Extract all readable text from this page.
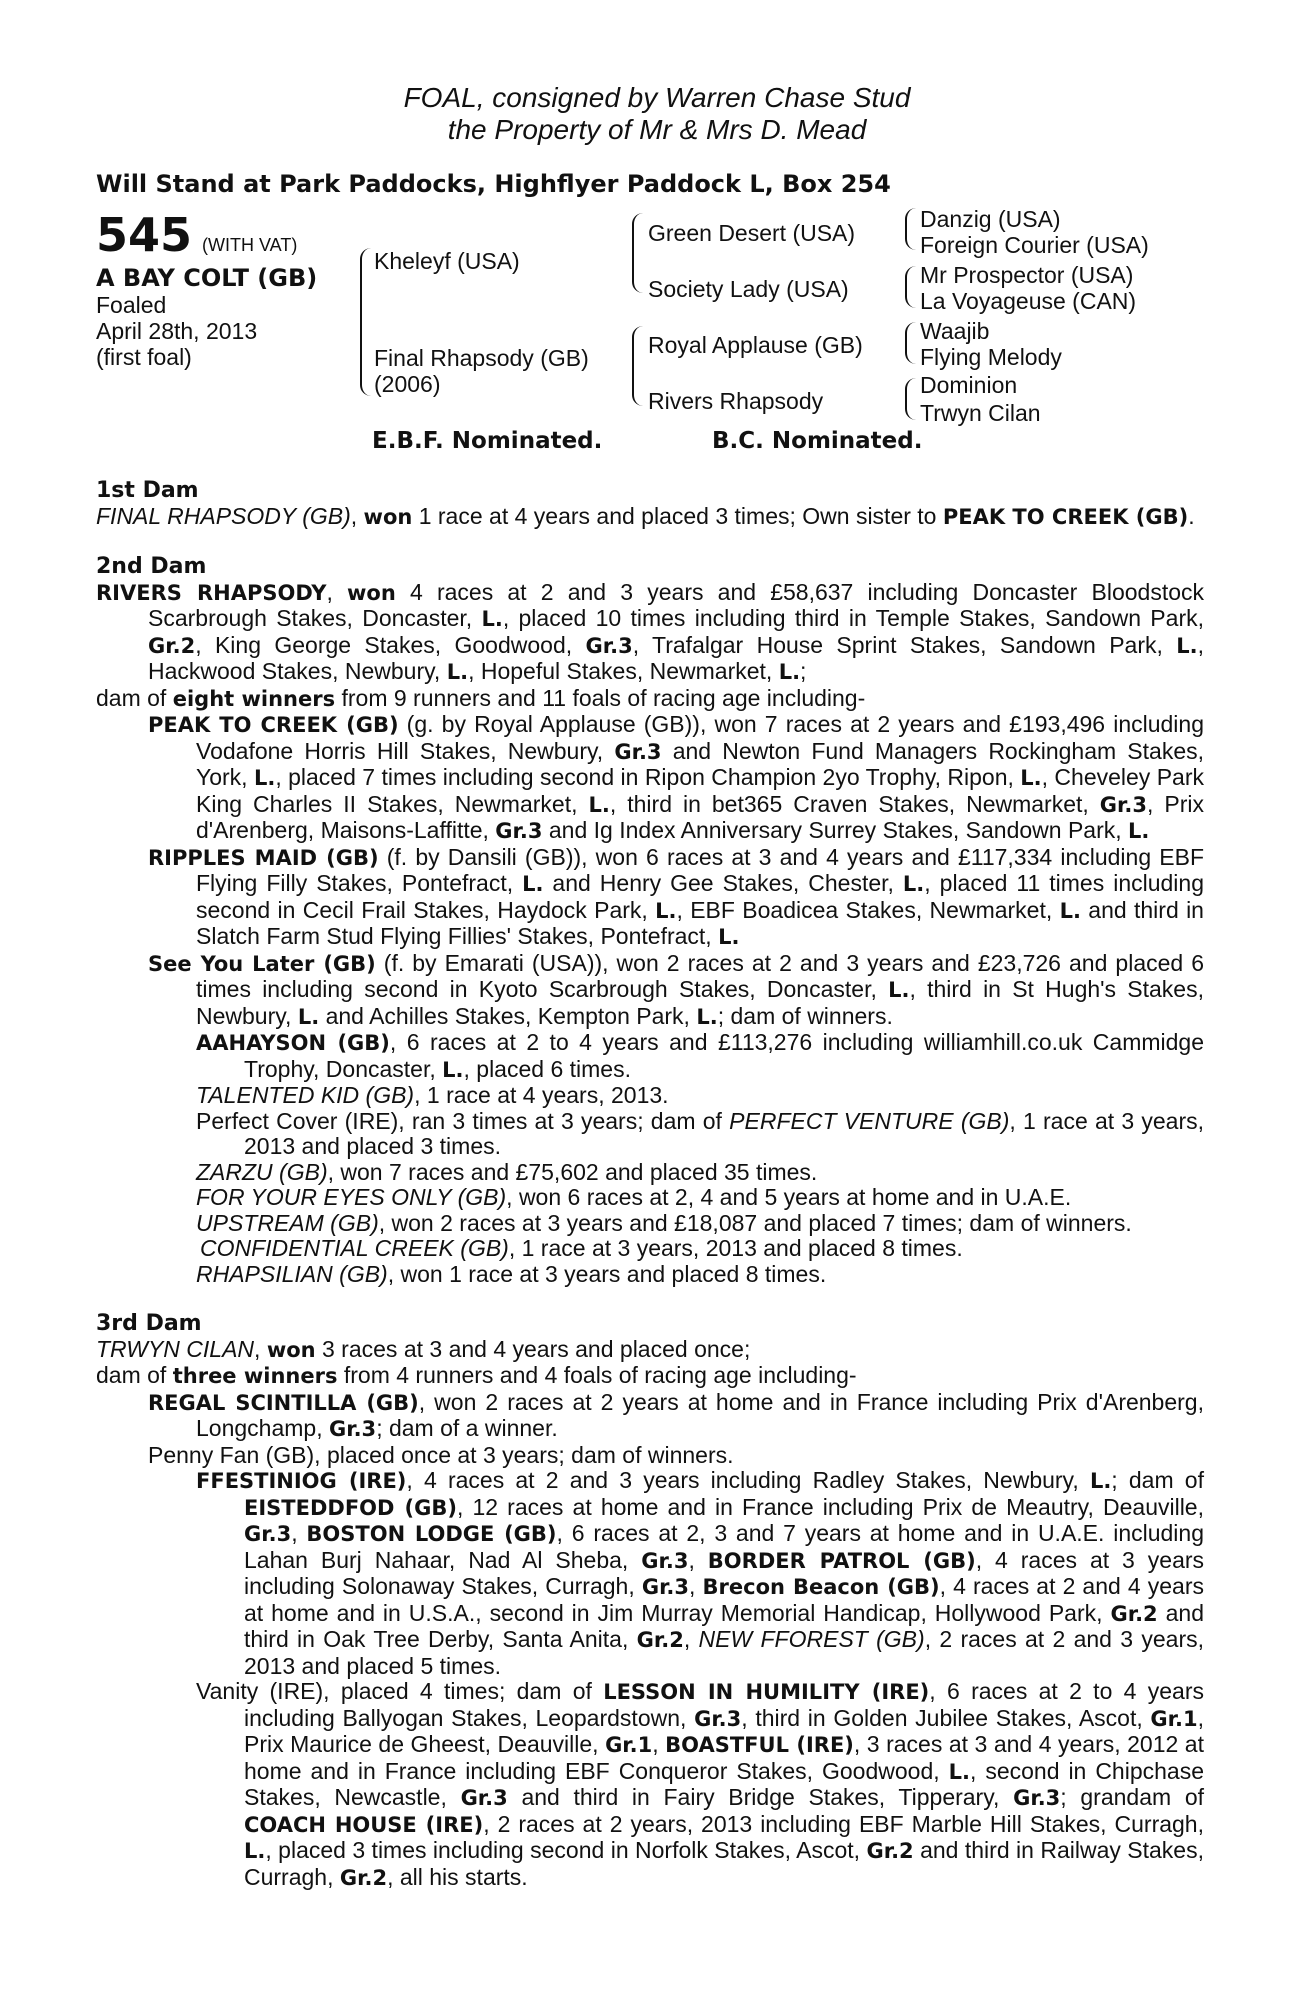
FOAL, consigned by Warren Chase Stud
the Property of Mr & Mrs D. Mead
Will Stand at Park Paddocks, Highflyer Paddock L, Box 254
545 (WITH VAT)
A BAY COLT (GB)
Foaled
April 28th, 2013
(first foal)
Kheleyf (USA)
Final Rhapsody (GB)
(2006)
Green Desert (USA)
Society Lady (USA)
Royal Applause (GB)
Rivers Rhapsody
Danzig (USA)
Foreign Courier (USA)
Mr Prospector (USA)
La Voyageuse (CAN)
Waajib
Flying Melody
Dominion
Trwyn Cilan
E.B.F. Nominated.	B.C. Nominated.
1st Dam
FINAL RHAPSODY (GB), won 1 race at 4 years and placed 3 times; Own sister to PEAK TO CREEK (GB).
2nd Dam
RIVERS RHAPSODY, won 4 races at 2 and 3 years and £58,637 including Doncaster Bloodstock Scarbrough Stakes, Doncaster, L., placed 10 times including third in Temple Stakes, Sandown Park, Gr.2, King George Stakes, Goodwood, Gr.3, Trafalgar House Sprint Stakes, Sandown Park, L., Hackwood Stakes, Newbury, L., Hopeful Stakes, Newmarket, L.;
dam of eight winners from 9 runners and 11 foals of racing age including-
PEAK TO CREEK (GB) (g. by Royal Applause (GB)), won 7 races at 2 years and £193,496 including Vodafone Horris Hill Stakes, Newbury, Gr.3 and Newton Fund Managers Rockingham Stakes, York, L., placed 7 times including second in Ripon Champion 2yo Trophy, Ripon, L., Cheveley Park King Charles II Stakes, Newmarket, L., third in bet365 Craven Stakes, Newmarket, Gr.3, Prix d'Arenberg, Maisons-Laffitte, Gr.3 and Ig Index Anniversary Surrey Stakes, Sandown Park, L.
RIPPLES MAID (GB) (f. by Dansili (GB)), won 6 races at 3 and 4 years and £117,334 including EBF Flying Filly Stakes, Pontefract, L. and Henry Gee Stakes, Chester, L., placed 11 times including second in Cecil Frail Stakes, Haydock Park, L., EBF Boadicea Stakes, Newmarket, L. and third in Slatch Farm Stud Flying Fillies' Stakes, Pontefract, L.
See You Later (GB) (f. by Emarati (USA)), won 2 races at 2 and 3 years and £23,726 and placed 6 times including second in Kyoto Scarbrough Stakes, Doncaster, L., third in St Hugh's Stakes, Newbury, L. and Achilles Stakes, Kempton Park, L.; dam of winners.
AAHAYSON (GB), 6 races at 2 to 4 years and £113,276 including williamhill.co.uk Cammidge Trophy, Doncaster, L., placed 6 times.
TALENTED KID (GB), 1 race at 4 years, 2013.
Perfect Cover (IRE), ran 3 times at 3 years; dam of PERFECT VENTURE (GB), 1 race at 3 years, 2013 and placed 3 times.
ZARZU (GB), won 7 races and £75,602 and placed 35 times.
FOR YOUR EYES ONLY (GB), won 6 races at 2, 4 and 5 years at home and in U.A.E.
UPSTREAM (GB), won 2 races at 3 years and £18,087 and placed 7 times; dam of winners.
CONFIDENTIAL CREEK (GB), 1 race at 3 years, 2013 and placed 8 times.
RHAPSILIAN (GB), won 1 race at 3 years and placed 8 times.
3rd Dam
TRWYN CILAN, won 3 races at 3 and 4 years and placed once;
dam of three winners from 4 runners and 4 foals of racing age including-
REGAL SCINTILLA (GB), won 2 races at 2 years at home and in France including Prix d'Arenberg, Longchamp, Gr.3; dam of a winner.
Penny Fan (GB), placed once at 3 years; dam of winners.
FFESTINIOG (IRE), 4 races at 2 and 3 years including Radley Stakes, Newbury, L.; dam of EISTEDDFOD (GB), 12 races at home and in France including Prix de Meautry, Deauville, Gr.3, BOSTON LODGE (GB), 6 races at 2, 3 and 7 years at home and in U.A.E. including Lahan Burj Nahaar, Nad Al Sheba, Gr.3, BORDER PATROL (GB), 4 races at 3 years including Solonaway Stakes, Curragh, Gr.3, Brecon Beacon (GB), 4 races at 2 and 4 years at home and in U.S.A., second in Jim Murray Memorial Handicap, Hollywood Park, Gr.2 and third in Oak Tree Derby, Santa Anita, Gr.2, NEW FFOREST (GB), 2 races at 2 and 3 years, 2013 and placed 5 times.
Vanity (IRE), placed 4 times; dam of LESSON IN HUMILITY (IRE), 6 races at 2 to 4 years including Ballyogan Stakes, Leopardstown, Gr.3, third in Golden Jubilee Stakes, Ascot, Gr.1, Prix Maurice de Gheest, Deauville, Gr.1, BOASTFUL (IRE), 3 races at 3 and 4 years, 2012 at home and in France including EBF Conqueror Stakes, Goodwood, L., second in Chipchase Stakes, Newcastle, Gr.3 and third in Fairy Bridge Stakes, Tipperary, Gr.3; grandam of COACH HOUSE (IRE), 2 races at 2 years, 2013 including EBF Marble Hill Stakes, Curragh, L., placed 3 times including second in Norfolk Stakes, Ascot, Gr.2 and third in Railway Stakes, Curragh, Gr.2, all his starts.
